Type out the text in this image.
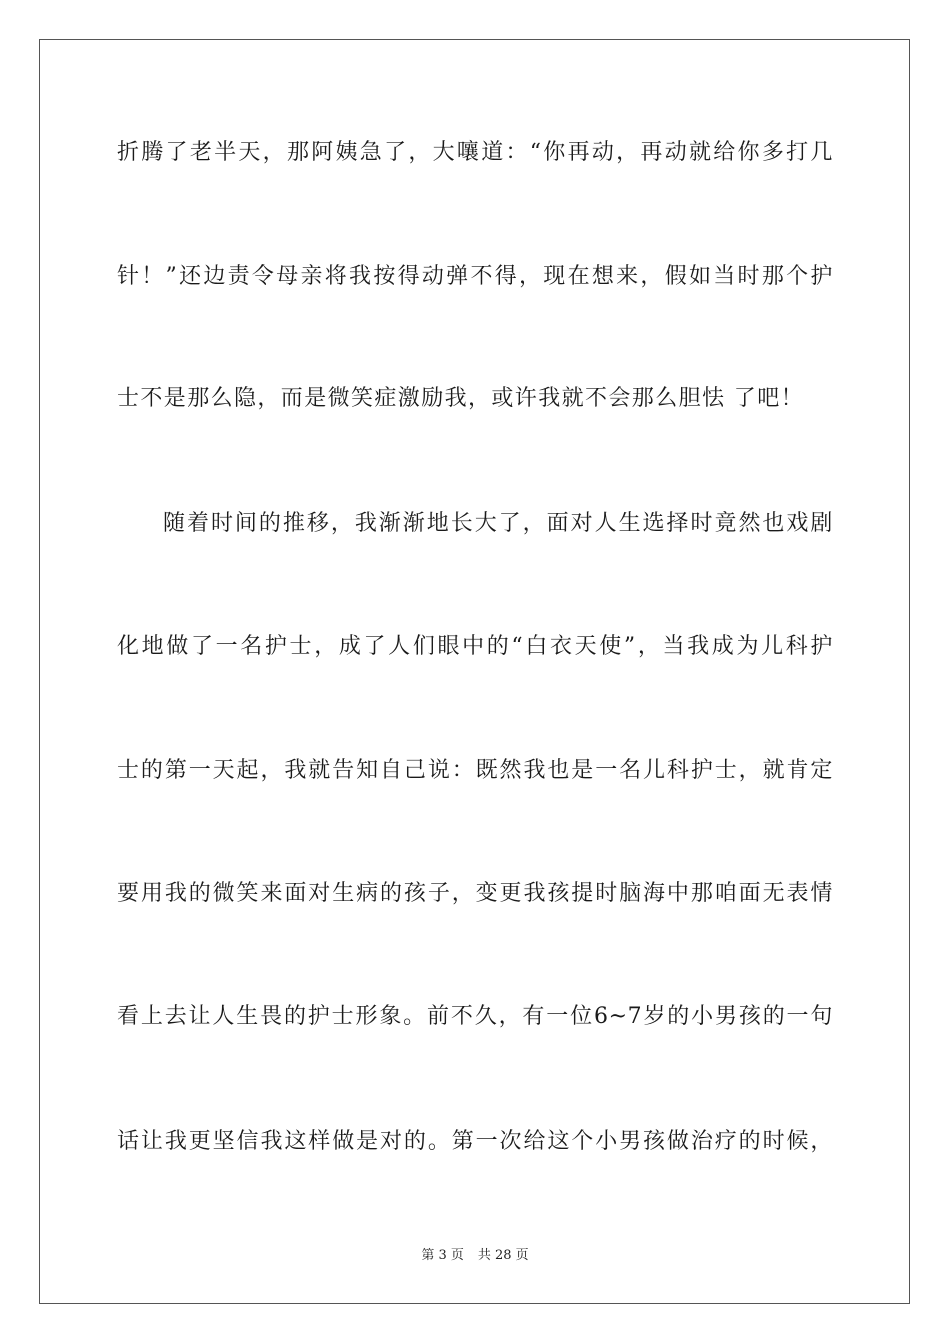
折腾了老半天，那阿姨急了，大嚷道：“你再动，再动就给你多打几
针！”还边责令母亲将我按得动弹不得，现在想来，假如当时那个护
士不是那么隐，而是微笑症激励我，或许我就不会那么胆怯 了吧！
随着时间的推移，我渐渐地长大了，面对人生选择时竟然也戏剧
化地做了一名护士，成了人们眼中的“白衣天使”，当我成为儿科护
士的第一天起，我就告知自己说：既然我也是一名儿科护士，就肯定
要用我的微笑来面对生病的孩子，变更我孩提时脑海中那咱面无表情
看上去让人生畏的护士形象。前不久，有一位6~7岁的小男孩的一句
话让我更坚信我这样做是对的。第一次给这个小男孩做治疗的时候，
第 3 页 共 28 页
